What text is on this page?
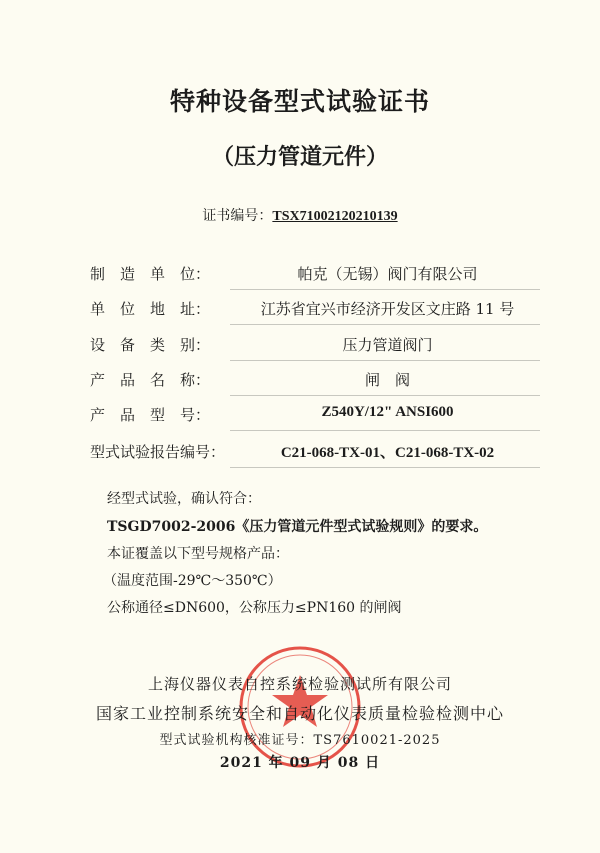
特种设备型式试验证书
（压力管道元件）
证书编号：TSX71002120210139
制 造 单 位：	帕克（无锡）阀门有限公司
单 位 地 址：	江苏省宜兴市经济开发区文庄路 11 号
设 备 类 别：	压力管道阀门
产 品 名 称：	闸　阀
产 品 型 号：	Z540Y/12" ANSI600
型式试验报告编号：	C21-068-TX-01、C21-068-TX-02
经型式试验，确认符合：
TSGD7002-2006《压力管道元件型式试验规则》的要求。
本证覆盖以下型号规格产品：
（温度范围-29℃～350℃）
公称通径≤DN600，公称压力≤PN160 的闸阀
上海仪器仪表自控系统检验测试所有限公司
国家工业控制系统安全和自动化仪表质量检验检测中心
型式试验机构核准证号：TS7610021-2025
2021 年 09 月 08 日
